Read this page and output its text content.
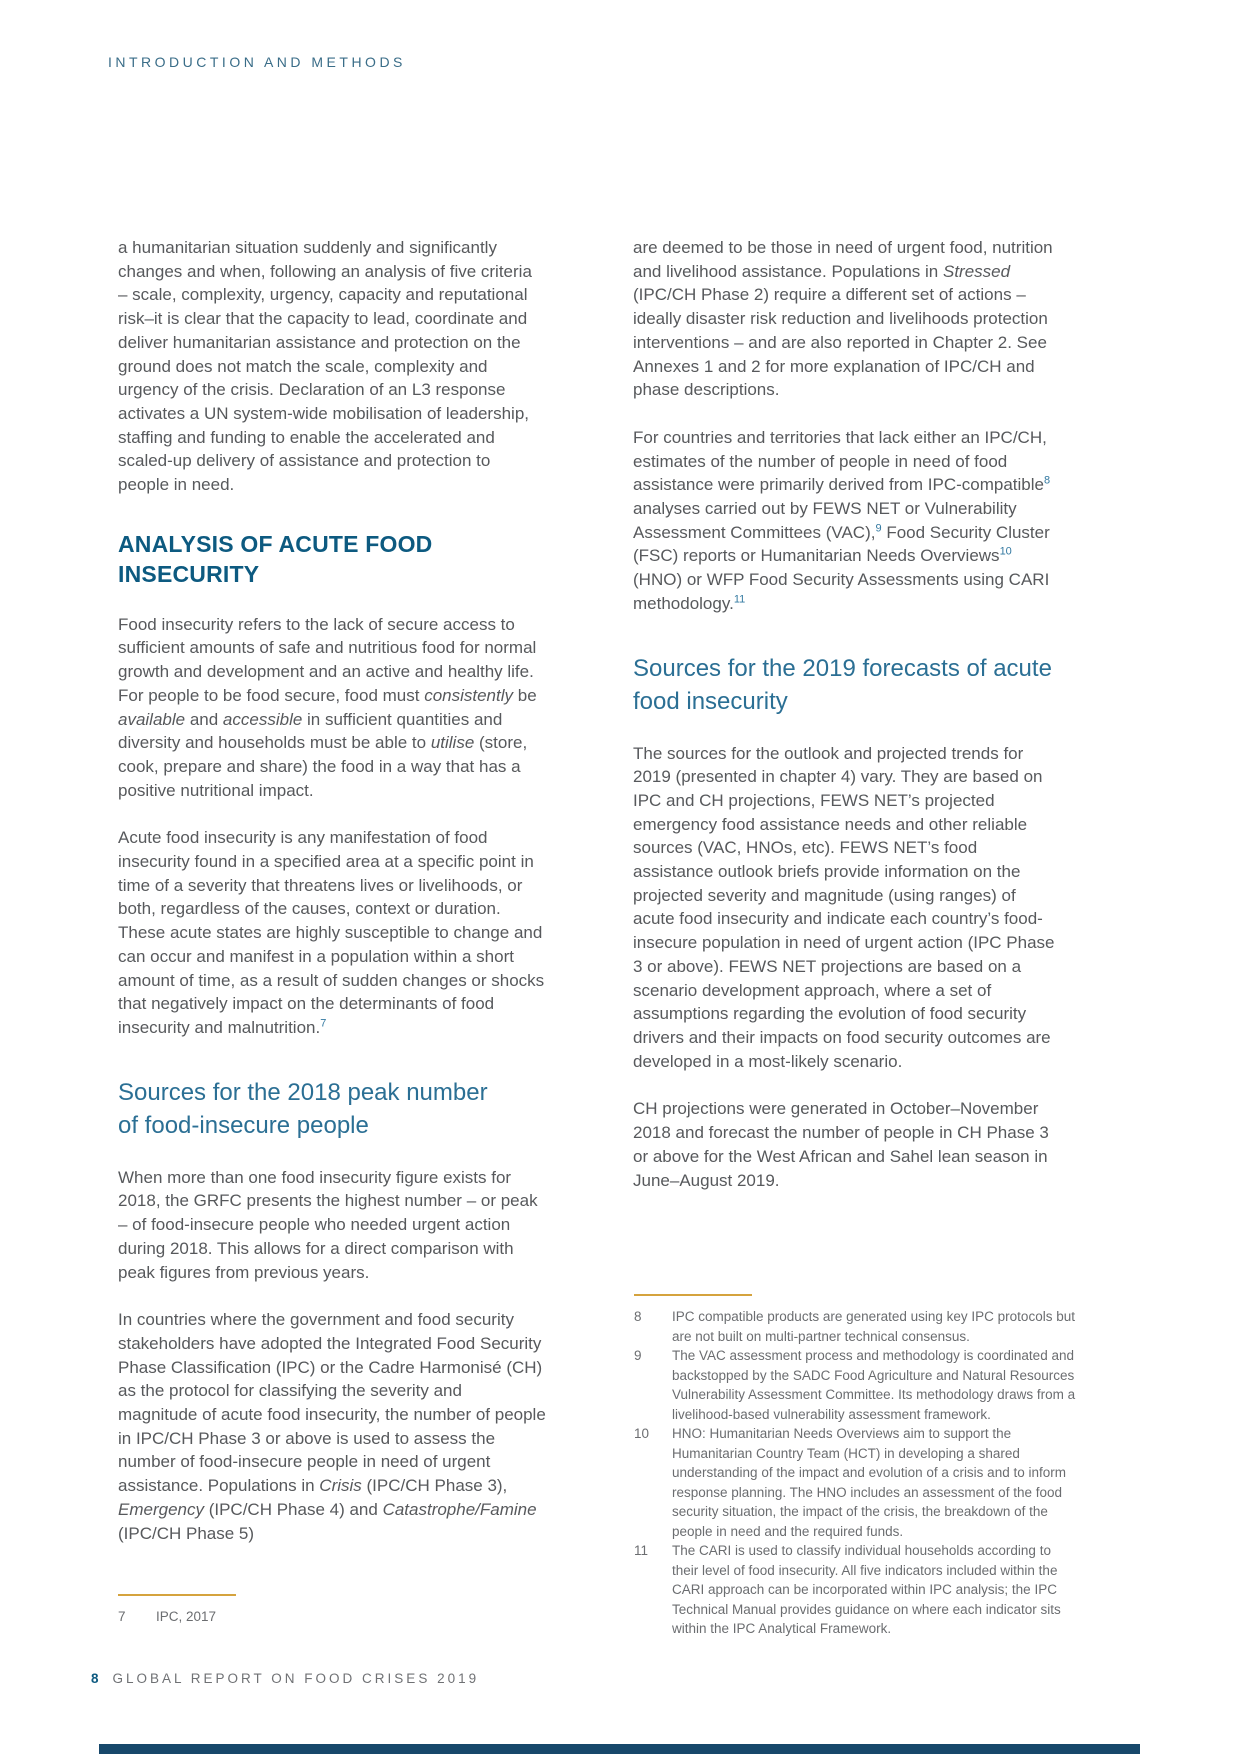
INTRODUCTION AND METHODS

a humanitarian situation suddenly and significantly changes and when, following an analysis of five criteria – scale, complexity, urgency, capacity and reputational risk–it is clear that the capacity to lead, coordinate and deliver humanitarian assistance and protection on the ground does not match the scale, complexity and urgency of the crisis. Declaration of an L3 response activates a UN system-wide mobilisation of leadership, staffing and funding to enable the accelerated and scaled-up delivery of assistance and protection to people in need.

ANALYSIS OF ACUTE FOOD
INSECURITY

Food insecurity refers to the lack of secure access to sufficient amounts of safe and nutritious food for normal growth and development and an active and healthy life. For people to be food secure, food must consistently be available and accessible in sufficient quantities and diversity and households must be able to utilise (store, cook, prepare and share) the food in a way that has a positive nutritional impact.

Acute food insecurity is any manifestation of food insecurity found in a specified area at a specific point in time of a severity that threatens lives or livelihoods, or both, regardless of the causes, context or duration. These acute states are highly susceptible to change and can occur and manifest in a population within a short amount of time, as a result of sudden changes or shocks that negatively impact on the determinants of food insecurity and malnutrition.$^7$

Sources for the 2018 peak number
of food-insecure people

When more than one food insecurity figure exists for 2018, the GRFC presents the highest number – or peak – of food-insecure people who needed urgent action during 2018. This allows for a direct comparison with peak figures from previous years.

In countries where the government and food security stakeholders have adopted the Integrated Food Security Phase Classification (IPC) or the Cadre Harmonisé (CH) as the protocol for classifying the severity and magnitude of acute food insecurity, the number of people in IPC/CH Phase 3 or above is used to assess the number of food-insecure people in need of urgent assistance. Populations in Crisis (IPC/CH Phase 3), Emergency (IPC/CH Phase 4) and Catastrophe/Famine (IPC/CH Phase 5)

are deemed to be those in need of urgent food, nutrition and livelihood assistance. Populations in Stressed (IPC/CH Phase 2) require a different set of actions –ideally disaster risk reduction and livelihoods protection interventions – and are also reported in Chapter 2. See Annexes 1 and 2 for more explanation of IPC/CH and phase descriptions.

For countries and territories that lack either an IPC/CH, estimates of the number of people in need of food assistance were primarily derived from IPC-compatible$^8$ analyses carried out by FEWS NET or Vulnerability Assessment Committees (VAC),$^9$ Food Security Cluster (FSC) reports or Humanitarian Needs Overviews$^{10}$ (HNO) or WFP Food Security Assessments using CARI methodology.$^{11}$

Sources for the 2019 forecasts of acute
food insecurity

The sources for the outlook and projected trends for 2019 (presented in chapter 4) vary. They are based on IPC and CH projections, FEWS NET’s projected emergency food assistance needs and other reliable sources (VAC, HNOs, etc). FEWS NET’s food assistance outlook briefs provide information on the projected severity and magnitude (using ranges) of acute food insecurity and indicate each country’s food-insecure population in need of urgent action (IPC Phase 3 or above). FEWS NET projections are based on a scenario development approach, where a set of assumptions regarding the evolution of food security drivers and their impacts on food security outcomes are developed in a most-likely scenario.

CH projections were generated in October–November 2018 and forecast the number of people in CH Phase 3 or above for the West African and Sahel lean season in June–August 2019.

7	IPC, 2017
8	IPC compatible products are generated using key IPC protocols but are not built on multi-partner technical consensus.
9	The VAC assessment process and methodology is coordinated and backstopped by the SADC Food Agriculture and Natural Resources Vulnerability Assessment Committee. Its methodology draws from a livelihood-based vulnerability assessment framework.
10	HNO: Humanitarian Needs Overviews aim to support the Humanitarian Country Team (HCT) in developing a shared understanding of the impact and evolution of a crisis and to inform response planning. The HNO includes an assessment of the food security situation, the impact of the crisis, the breakdown of the people in need and the required funds.
11	The CARI is used to classify individual households according to their level of food insecurity. All five indicators included within the CARI approach can be incorporated within IPC analysis; the IPC Technical Manual provides guidance on where each indicator sits within the IPC Analytical Framework.
8 GLOBAL REPORT ON FOOD CRISES 2019
